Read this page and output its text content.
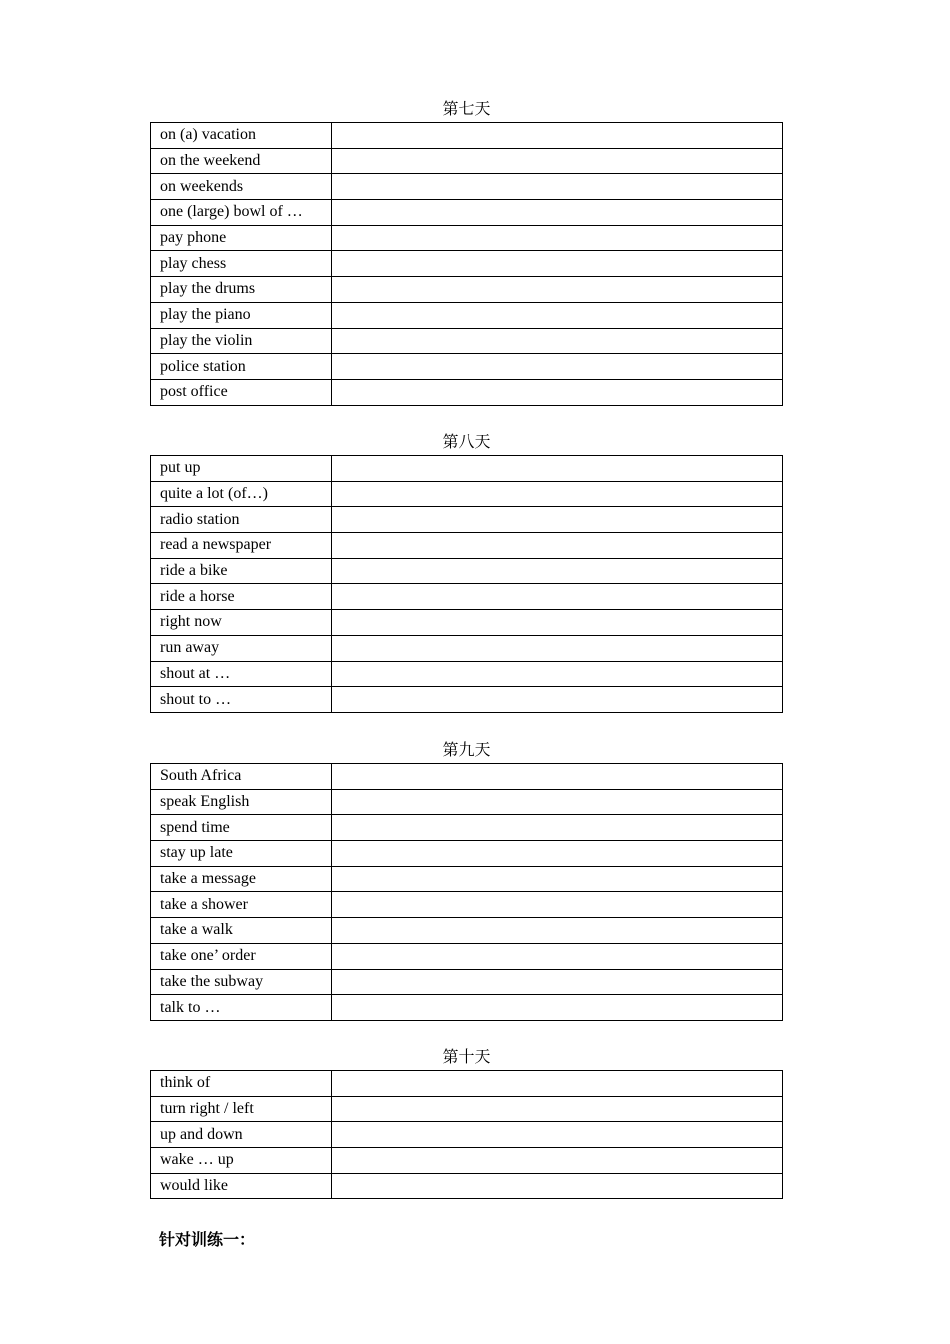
第七天
on (a) vacation	
on the weekend	
on weekends	
one (large) bowl of …	
pay phone	
play chess	
play the drums	
play the piano	
play the violin	
police station	
post office	
第八天
put up	
quite a lot (of…)	
radio station	
read a newspaper	
ride a bike	
ride a horse	
right now	
run away	
shout at …	
shout to …	
第九天
South Africa	
speak English	
spend time	
stay up late	
take a message	
take a shower	
take a walk	
take one’ order	
take the subway	
talk to …	
第十天
think of	
turn right / left	
up and down	
wake … up	
would like	
针对训练一：
